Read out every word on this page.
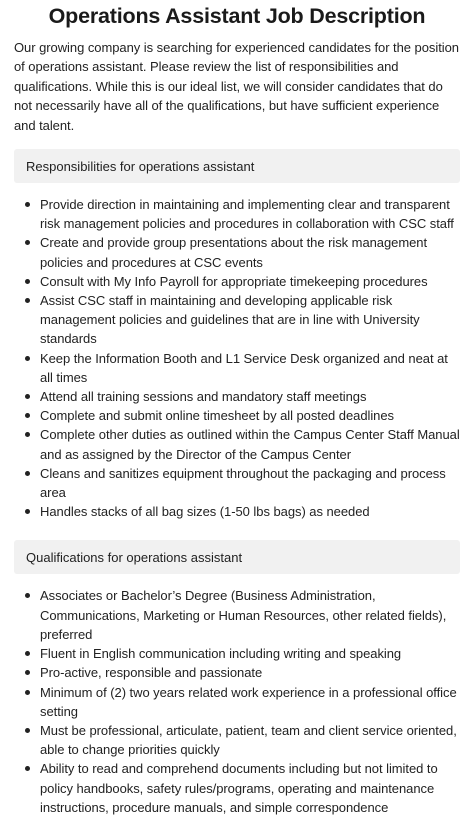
Operations Assistant Job Description

Our growing company is searching for experienced candidates for the position of operations assistant. Please review the list of responsibilities and qualifications. While this is our ideal list, we will consider candidates that do not necessarily have all of the qualifications, but have sufficient experience and talent.

Responsibilities for operations assistant
Provide direction in maintaining and implementing clear and transparent risk management policies and procedures in collaboration with CSC staff
Create and provide group presentations about the risk management policies and procedures at CSC events
Consult with My Info Payroll for appropriate timekeeping procedures
Assist CSC staff in maintaining and developing applicable risk management policies and guidelines that are in line with University standards
Keep the Information Booth and L1 Service Desk organized and neat at all times
Attend all training sessions and mandatory staff meetings
Complete and submit online timesheet by all posted deadlines
Complete other duties as outlined within the Campus Center Staff Manual and as assigned by the Director of the Campus Center
Cleans and sanitizes equipment throughout the packaging and process area
Handles stacks of all bag sizes (1-50 lbs bags) as needed
Qualifications for operations assistant
Associates or Bachelor’s Degree (Business Administration, Communications, Marketing or Human Resources, other related fields), preferred
Fluent in English communication including writing and speaking
Pro-active, responsible and passionate
Minimum of (2) two years related work experience in a professional office setting
Must be professional, articulate, patient, team and client service oriented, able to change priorities quickly
Ability to read and comprehend documents including but not limited to policy handbooks, safety rules/programs, operating and maintenance instructions, procedure manuals, and simple correspondence
